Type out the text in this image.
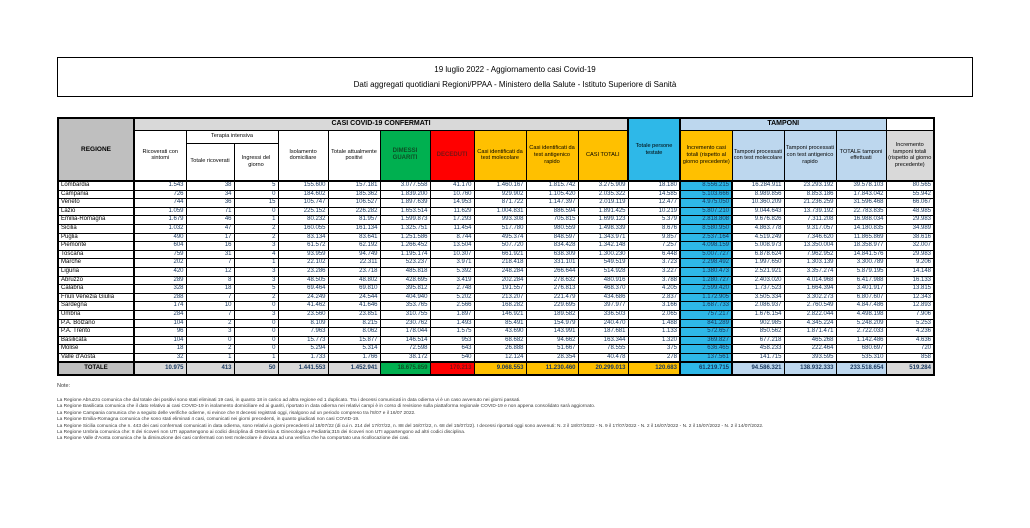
19 luglio 2022 - Aggiornamento casi Covid-19
Dati aggregati quotidiani Regioni/PPAA - Ministero della Salute - Istituto Superiore di Sanità
REGIONE	CASI COVID-19 CONFERMATI										Totale persone testate	TAMPONI				
	Ricoverati con sintomi	Terapia intensiva		Isolamento domiciliare	Totale attualmente positivi	DIMESSI GUARITI	DECEDUTI	Casi identificati da test molecolare	Casi identificati da test antigenico rapido	CASI TOTALI		Incremento casi totali (rispetto al giorno precedente)	Tamponi processati con test molecolare	Tamponi processati con test antigenico rapido	TOTALE tamponi effettuati	Incremento tamponi totali (rispetto al giorno precedente)
		Totale ricoverati	Ingressi del giorno													
Lombardia	1.543	38	5	155.600	157.181	3.077.558	41.170	1.460.167	1.815.742	3.275.909	18.180	8.556.215	16.284.911	23.293.192	39.578.103	80.565
Campania	726	34	0	184.602	185.362	1.839.200	10.760	929.902	1.105.420	2.035.322	14.585	5.103.666	8.989.856	8.853.186	17.843.042	55.942
Veneto	744	36	15	105.747	106.527	1.897.639	14.953	871.722	1.147.397	2.019.119	12.477	4.975.050	10.360.209	21.236.259	31.596.468	66.067
Lazio	1.059	71	0	225.152	226.282	1.653.514	11.629	1.004.831	886.594	1.891.425	10.219	5.807.210	9.044.643	13.739.192	22.783.835	48.985
Emilia-Romagna	1.679	46	1	80.232	81.957	1.599.873	17.293	993.308	705.815	1.699.123	5.379	2.818.808	9.676.826	7.311.208	16.988.034	29.983
Sicilia	1.032	47	2	160.055	161.134	1.325.751	11.454	517.780	980.559	1.498.339	8.676	8.580.950	4.863.778	9.317.057	14.180.835	34.989
Puglia	490	17	2	83.134	83.641	1.251.586	8.744	495.374	848.597	1.343.971	9.857	2.537.164	4.519.249	7.346.620	11.865.869	38.616
Piemonte	604	16	3	61.572	62.192	1.266.452	13.504	507.720	834.428	1.342.148	7.257	4.098.159	5.008.973	13.350.004	18.358.977	32.007
Toscana	759	31	4	93.959	94.749	1.195.174	10.307	661.921	638.309	1.300.230	6.448	5.007.727	6.878.624	7.962.952	14.841.576	29.983
Marche	202	7	1	22.102	22.311	523.237	3.971	218.418	331.101	549.519	3.723	2.298.492	1.997.650	1.303.139	3.300.789	9.206
Liguria	420	12	3	23.286	23.718	485.818	5.392	248.284	266.644	514.928	3.227	1.380.473	2.521.921	3.357.274	5.879.195	14.148
Abruzzo	289	8	3	48.505	48.802	428.695	3.419	202.284	278.632	480.916	3.788	1.280.727	2.403.020	4.014.968	6.417.988	16.133
Calabria	328	18	5	69.464	69.810	395.812	2.748	191.557	276.813	468.370	4.205	2.599.420	1.737.523	1.664.394	3.401.917	13.815
Friuli Venezia Giulia	288	7	2	24.249	24.544	404.940	5.202	213.207	221.479	434.686	2.837	1.172.905	3.505.334	3.302.273	6.807.607	12.343
Sardegna	174	10	0	41.462	41.646	353.765	2.566	168.282	229.695	397.977	3.166	1.687.733	2.086.937	2.760.549	4.847.486	12.893
Umbria	284	7	3	23.560	23.851	310.755	1.897	146.921	189.582	336.503	2.065	757.217	1.676.154	2.822.044	4.498.198	7.906
P.A. Bolzano	104	2	0	8.109	8.215	230.762	1.493	85.491	154.979	240.470	1.488	841.289	902.985	4.345.224	5.248.209	5.253
P.A. Trento	96	3	0	7.963	8.062	178.044	1.575	43.690	143.991	187.681	1.133	572.657	850.562	1.871.471	2.722.033	4.236
Basilicata	104	0	0	15.773	15.877	146.514	953	68.682	94.662	163.344	1.320	369.827	677.218	465.268	1.142.486	4.636
Molise	18	2	0	5.294	5.314	72.598	643	26.888	51.667	78.555	375	636.465	458.233	222.464	680.697	720
Valle d'Aosta	32	1	1	1.733	1.766	38.172	540	12.124	28.354	40.478	278	137.561	141.715	393.595	535.310	858
TOTALE	10.975	413	50	1.441.553	1.452.941	18.675.859	170.213	9.068.553	11.230.460	20.299.013	120.683	61.219.715	94.586.321	138.932.333	233.518.654	519.284
Note:
La Regione Abruzzo comunica che dal totale dei positivi sono stati eliminati 19 casi, in quanto 18 in carico ad altra regione ed 1 duplicato. Tra i decessi comunicati in data odierna vi è un caso avvenuto nei giorni passati.
La Regione Basilicata comunica che il dato relativo ai casi COVID-19 in isolamento domiciliare ed ai guariti, riportato in data odierna nei relativi campi è in corso di revisione sulla piattaforma regionale COVID-19 e non appena consolidato sarà aggiornato.
La Regione Campania comunica che a seguito delle verifiche odierne, si evince che 8 decessi registrati oggi, risalgono ad un periodo compreso tra l'8/07 e il 16/07 2022.
La Regione Emilia-Romagna comunica che sono stati eliminati 4 casi, comunicati nei giorni precedenti, in quanto giudicati non casi COVID-19.
La Regione Sicilia comunica che n. 443 dei casi confermati comunicati in data odierna, sono relativi a giorni precedenti al 18/07/22 (di cui n. 214 del 17/07/22, n. 88 del 16/07/22, n. 68 del 15/07/22). I decessi riportati oggi sono avvenuti: N. 2 il 18/07/2022 - N. 9 il 17/07/2022 - N. 2 il 16/07/2022 - N. 2 il 15/07/2022 - N. 2 il 14/07/2022.
La Regione Umbria comunica che: 8 dei ricoveri non UTI appartengono ai codici disciplina di Ostetricia & Ginecologia e Pediatria;315 dei ricoveri non UTI appartengono ad altri codici disciplina.
La Regione Valle d'Aosta comunica che la diminuzione dei casi confermati con test molecolare è dovuta ad una verifica che ha comportato una ricollocazione dei casi.
